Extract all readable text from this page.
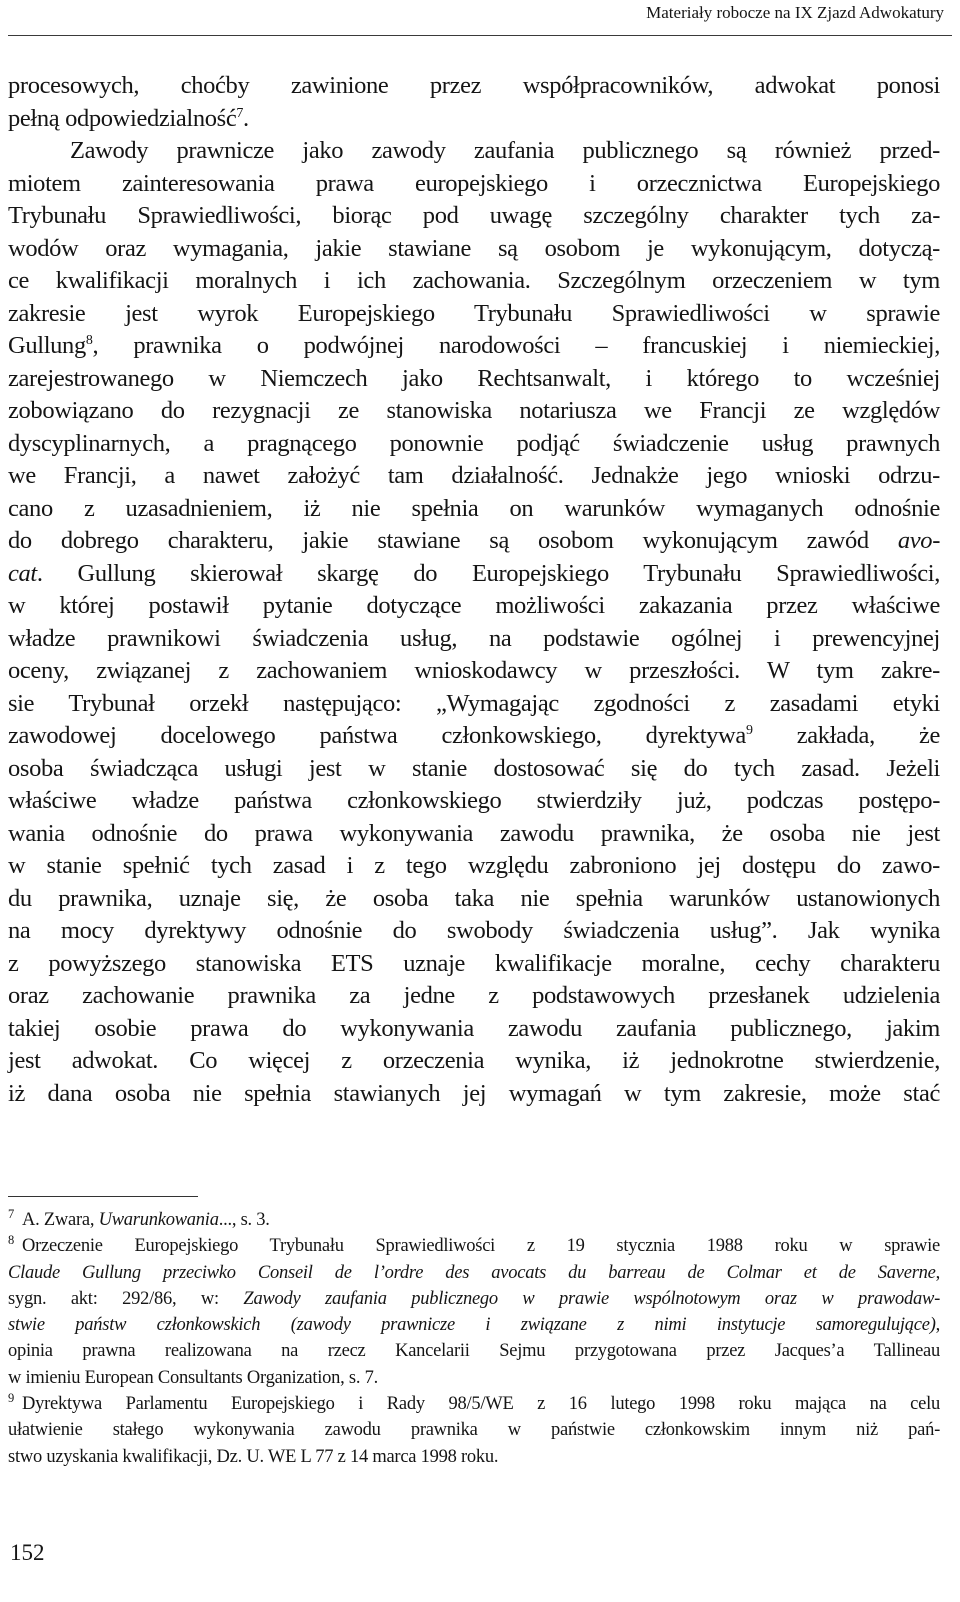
Materiały robocze na IX Zjazd Adwokatury

procesowych, choćby zawinione przez współpracowników, adwokat ponosi

pełną odpowiedzialność$^7$.

Zawody prawnicze jako zawody zaufania publicznego są również przed-

miotem zainteresowania prawa europejskiego i orzecznictwa Europejskiego

Trybunału Sprawiedliwości, biorąc pod uwagę szczególny charakter tych za-

wodów oraz wymagania, jakie stawiane są osobom je wykonującym, dotyczą-

ce kwalifikacji moralnych i ich zachowania. Szczególnym orzeczeniem w tym

zakresie jest wyrok Europejskiego Trybunału Sprawiedliwości w sprawie

Gullung$^8$, prawnika o podwójnej narodowości – francuskiej i niemieckiej,

zarejestrowanego w Niemczech jako Rechtsanwalt, i którego to wcześniej

zobowiązano do rezygnacji ze stanowiska notariusza we Francji ze względów

dyscyplinarnych, a pragnącego ponownie podjąć świadczenie usług prawnych

we Francji, a nawet założyć tam działalność. Jednakże jego wnioski odrzu-

cano z uzasadnieniem, iż nie spełnia on warunków wymaganych odnośnie

do dobrego charakteru, jakie stawiane są osobom wykonującym zawód avo-

cat. Gullung skierował skargę do Europejskiego Trybunału Sprawiedliwości,

w której postawił pytanie dotyczące możliwości zakazania przez właściwe

władze prawnikowi świadczenia usług, na podstawie ogólnej i prewencyjnej

oceny, związanej z zachowaniem wnioskodawcy w przeszłości. W tym zakre-

sie Trybunał orzekł następująco: „Wymagając zgodności z zasadami etyki

zawodowej docelowego państwa członkowskiego, dyrektywa$^9$ zakłada, że

osoba świadcząca usługi jest w stanie dostosować się do tych zasad. Jeżeli

właściwe władze państwa członkowskiego stwierdziły już, podczas postępo-

wania odnośnie do prawa wykonywania zawodu prawnika, że osoba nie jest

w stanie spełnić tych zasad i z tego względu zabroniono jej dostępu do zawo-

du prawnika, uznaje się, że osoba taka nie spełnia warunków ustanowionych

na mocy dyrektywy odnośnie do swobody świadczenia usług”. Jak wynika

z powyższego stanowiska ETS uznaje kwalifikacje moralne, cechy charakteru

oraz zachowanie prawnika za jedne z podstawowych przesłanek udzielenia

takiej osobie prawa do wykonywania zawodu zaufania publicznego, jakim

jest adwokat. Co więcej z orzeczenia wynika, iż jednokrotne stwierdzenie,

iż dana osoba nie spełnia stawianych jej wymagań w tym zakresie, może stać

$^7$ A. Zwara, Uwarunkowania..., s. 3.

$^8$ Orzeczenie Europejskiego Trybunału Sprawiedliwości z 19 stycznia 1988 roku w sprawie

Claude Gullung przeciwko Conseil de l’ordre des avocats du barreau de Colmar et de Saverne,

sygn. akt: 292/86, w: Zawody zaufania publicznego w prawie wspólnotowym oraz w prawodaw-

stwie państw członkowskich (zawody prawnicze i związane z nimi instytucje samoregulujące),

opinia prawna realizowana na rzecz Kancelarii Sejmu przygotowana przez Jacques’a Tallineau

w imieniu European Consultants Organization, s. 7.

$^9$ Dyrektywa Parlamentu Europejskiego i Rady 98/5/WE z 16 lutego 1998 roku mająca na celu

ułatwienie stałego wykonywania zawodu prawnika w państwie członkowskim innym niż pań-

stwo uzyskania kwalifikacji, Dz. U. WE L 77 z 14 marca 1998 roku.

152
